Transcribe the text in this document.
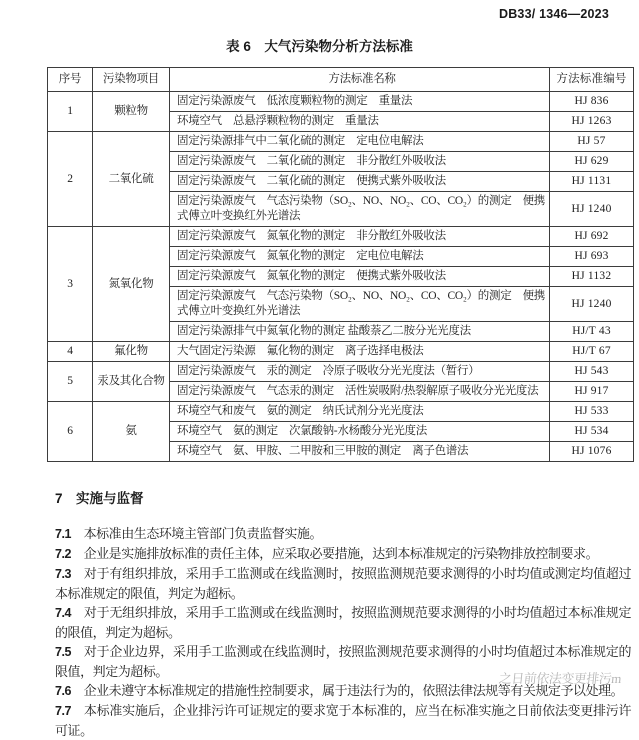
DB33/ 1346—2023
表 6　大气污染物分析方法标准
序号	污染物项目	方法标准名称	方法标准编号
1	颗粒物	固定污染源废气　低浓度颗粒物的测定　重量法	HJ 836
		环境空气　总悬浮颗粒物的测定　重量法	HJ 1263
2	二氧化硫	固定污染源排气中二氧化硫的测定　定电位电解法	HJ 57
		固定污染源废气　二氧化硫的测定　非分散红外吸收法	HJ 629
		固定污染源废气　二氧化硫的测定　便携式紫外吸收法	HJ 1131
		固定污染源废气　气态污染物（SO₂、NO、NO₂、CO、CO₂）的测定　便携式傅立叶变换红外光谱法	HJ 1240
3	氮氧化物	固定污染源废气　氮氧化物的测定　非分散红外吸收法	HJ 692
		固定污染源废气　氮氧化物的测定　定电位电解法	HJ 693
		固定污染源废气　氮氧化物的测定　便携式紫外吸收法	HJ 1132
		固定污染源废气　气态污染物（SO₂、NO、NO₂、CO、CO₂）的测定　便携式傅立叶变换红外光谱法	HJ 1240
		固定污染源排气中氮氧化物的测定 盐酸萘乙二胺分光光度法	HJ/T 43
4	氟化物	大气固定污染源　氟化物的测定　离子选择电极法	HJ/T 67
5	汞及其化合物	固定污染源废气　汞的测定　冷原子吸收分光光度法（暂行）	HJ 543
		固定污染源废气　气态汞的测定　活性炭吸附/热裂解原子吸收分光光度法	HJ 917
6	氨	环境空气和废气　氨的测定　纳氏试剂分光光度法	HJ 533
		环境空气　氨的测定　次氯酸钠-水杨酸分光光度法	HJ 534
		环境空气　氨、甲胺、二甲胺和三甲胺的测定　离子色谱法	HJ 1076
7　实施与监督

7.1　本标准由生态环境主管部门负责监督实施。

7.2　企业是实施排放标准的责任主体，应采取必要措施，达到本标准规定的污染物排放控制要求。

7.3　对于有组织排放，采用手工监测或在线监测时，按照监测规范要求测得的小时均值或测定均值超过本标准规定的限值，判定为超标。

7.4　对于无组织排放，采用手工监测或在线监测时，按照监测规范要求测得的小时均值超过本标准规定的限值，判定为超标。

7.5　对于企业边界，采用手工监测或在线监测时，按照监测规范要求测得的小时均值超过本标准规定的限值，判定为超标。

7.6　企业未遵守本标准规定的措施性控制要求，属于违法行为的，依照法律法规等有关规定予以处理。

7.7　本标准实施后，企业排污许可证规定的要求宽于本标准的，应当在标准实施之日前依法变更排污许可证。

之日前依法变更排污m
